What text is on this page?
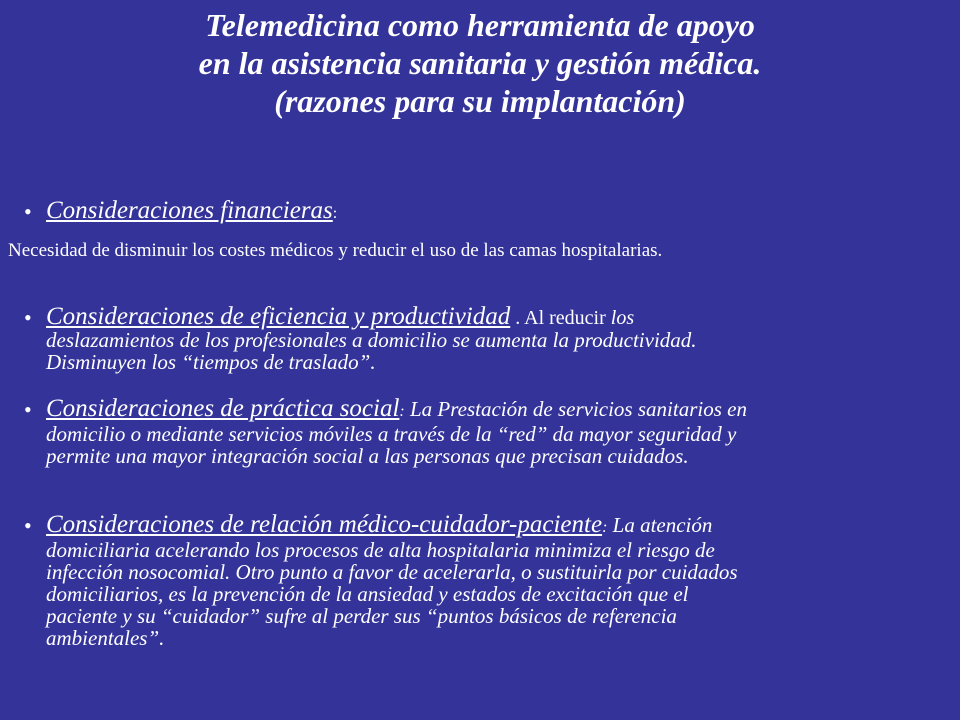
Telemedicina como herramienta de apoyo
en la asistencia sanitaria y gestión médica.
(razones para su implantación)
• Consideraciones financieras:
Necesidad de disminuir los costes médicos y reducir el uso de las camas hospitalarias.
• Consideraciones de eficiencia y productividad . Al reducir los
deslazamientos de los profesionales a domicilio se aumenta la productividad.
Disminuyen los “tiempos de traslado”.
• Consideraciones de práctica social: La Prestación de servicios sanitarios en
domicilio o mediante servicios móviles a través de la “red” da mayor seguridad y
permite una mayor integración social a las personas que precisan cuidados.
• Consideraciones de relación médico-cuidador-paciente: La atención
domiciliaria acelerando los procesos de alta hospitalaria minimiza el riesgo de
infección nosocomial. Otro punto a favor de acelerarla, o sustituirla por cuidados
domiciliarios, es la prevención de la ansiedad y estados de excitación que el
paciente y su “cuidador” sufre al perder sus “puntos básicos de referencia
ambientales”.
